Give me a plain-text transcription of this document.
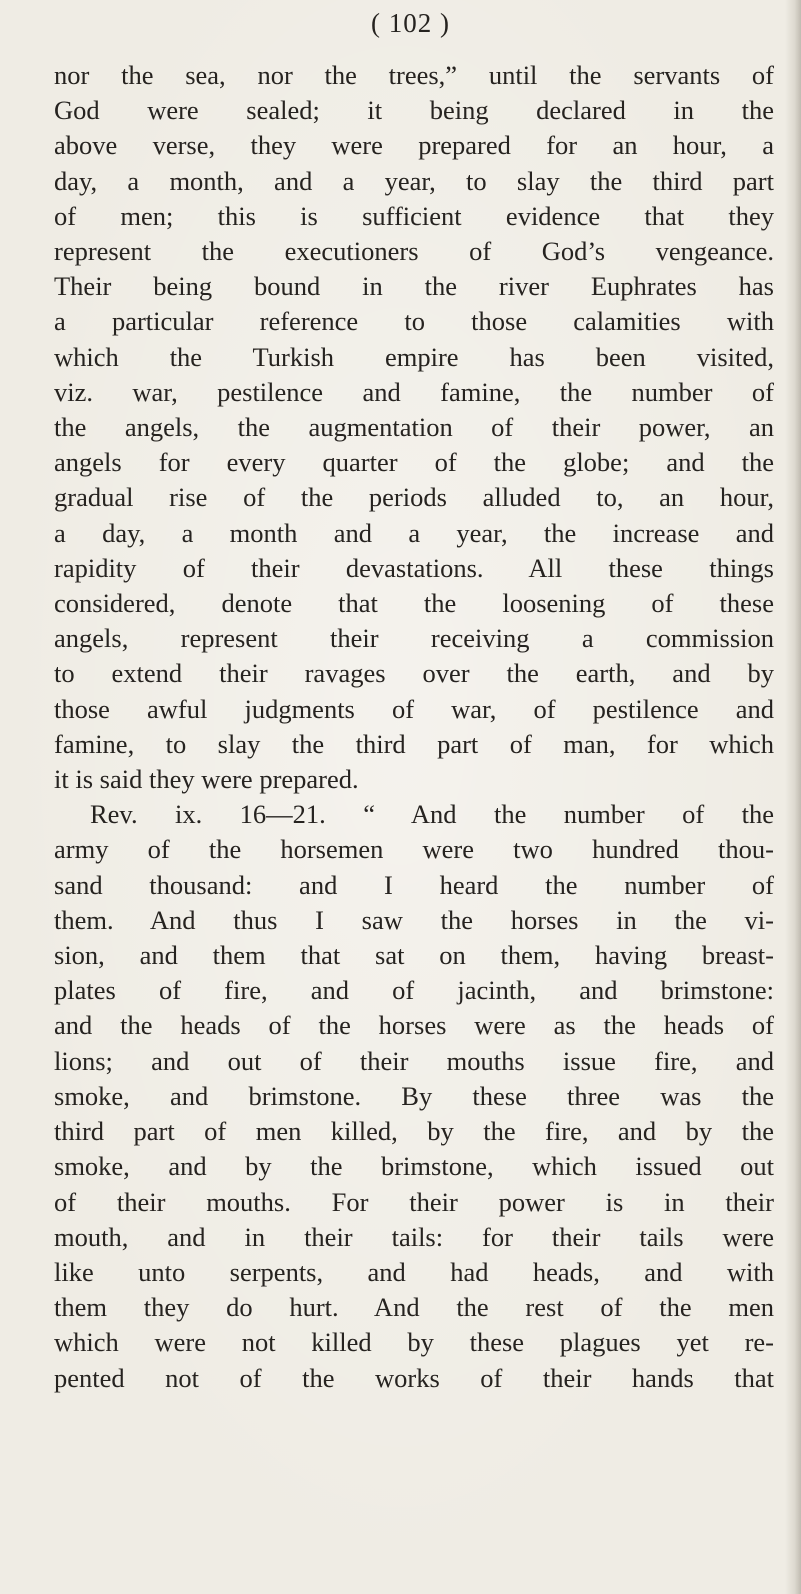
( 102 )
nor the sea, nor the trees,” until the servants of
God were sealed; it being declared in the
above verse, they were prepared for an hour, a
day, a month, and a year, to slay the third part
of men; this is sufficient evidence that they
represent the executioners of God’s vengeance.
Their being bound in the river Euphrates has
a particular reference to those calamities with
which the Turkish empire has been visited,
viz. war, pestilence and famine, the number of
the angels, the augmentation of their power, an
angels for every quarter of the globe; and the
gradual rise of the periods alluded to, an hour,
a day, a month and a year, the increase and
rapidity of their devastations. All these things
considered, denote that the loosening of these
angels, represent their receiving a commission
to extend their ravages over the earth, and by
those awful judgments of war, of pestilence and
famine, to slay the third part of man, for which
it is said they were prepared.
Rev. ix. 16—21. “ And the number of the
army of the horsemen were two hundred thou-
sand thousand: and I heard the number of
them. And thus I saw the horses in the vi-
sion, and them that sat on them, having breast-
plates of fire, and of jacinth, and brimstone:
and the heads of the horses were as the heads of
lions; and out of their mouths issue fire, and
smoke, and brimstone. By these three was the
third part of men killed, by the fire, and by the
smoke, and by the brimstone, which issued out
of their mouths. For their power is in their
mouth, and in their tails: for their tails were
like unto serpents, and had heads, and with
them they do hurt. And the rest of the men
which were not killed by these plagues yet re-
pented not of the works of their hands that
